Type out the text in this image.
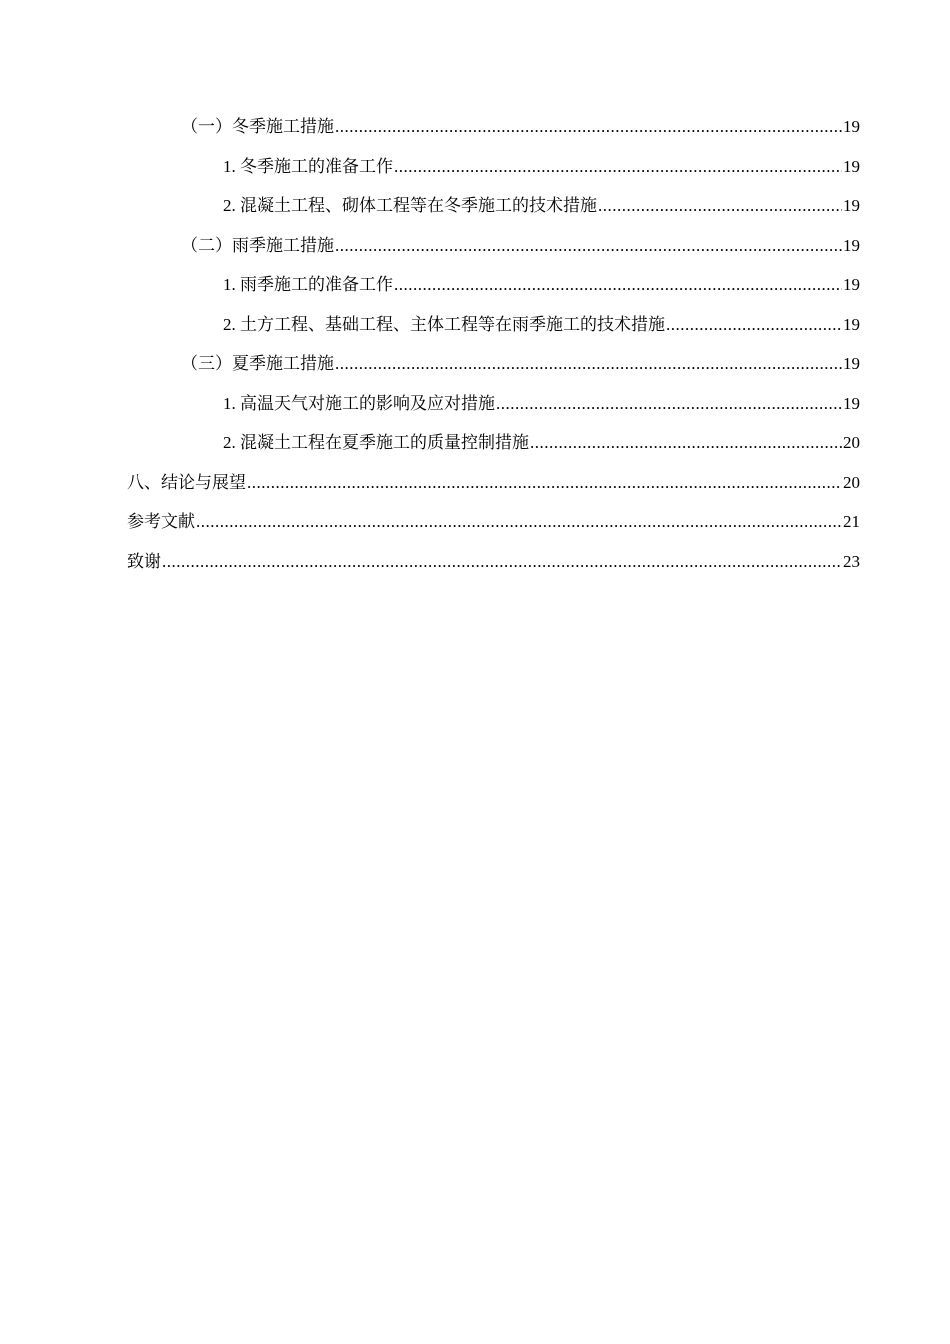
（一）冬季施工措施 .....	19
1. 冬季施工的准备工作 .....	19
2. 混凝土工程、砌体工程等在冬季施工的技术措施 .....	19
（二）雨季施工措施 .....	19
1. 雨季施工的准备工作 .....	19
2. 土方工程、基础工程、主体工程等在雨季施工的技术措施 .....	19
（三）夏季施工措施 .....	19
1. 高温天气对施工的影响及应对措施 .....	19
2. 混凝土工程在夏季施工的质量控制措施 .....	20
八、结论与展望 .....	20
参考文献 .....	21
致谢 .....	23
